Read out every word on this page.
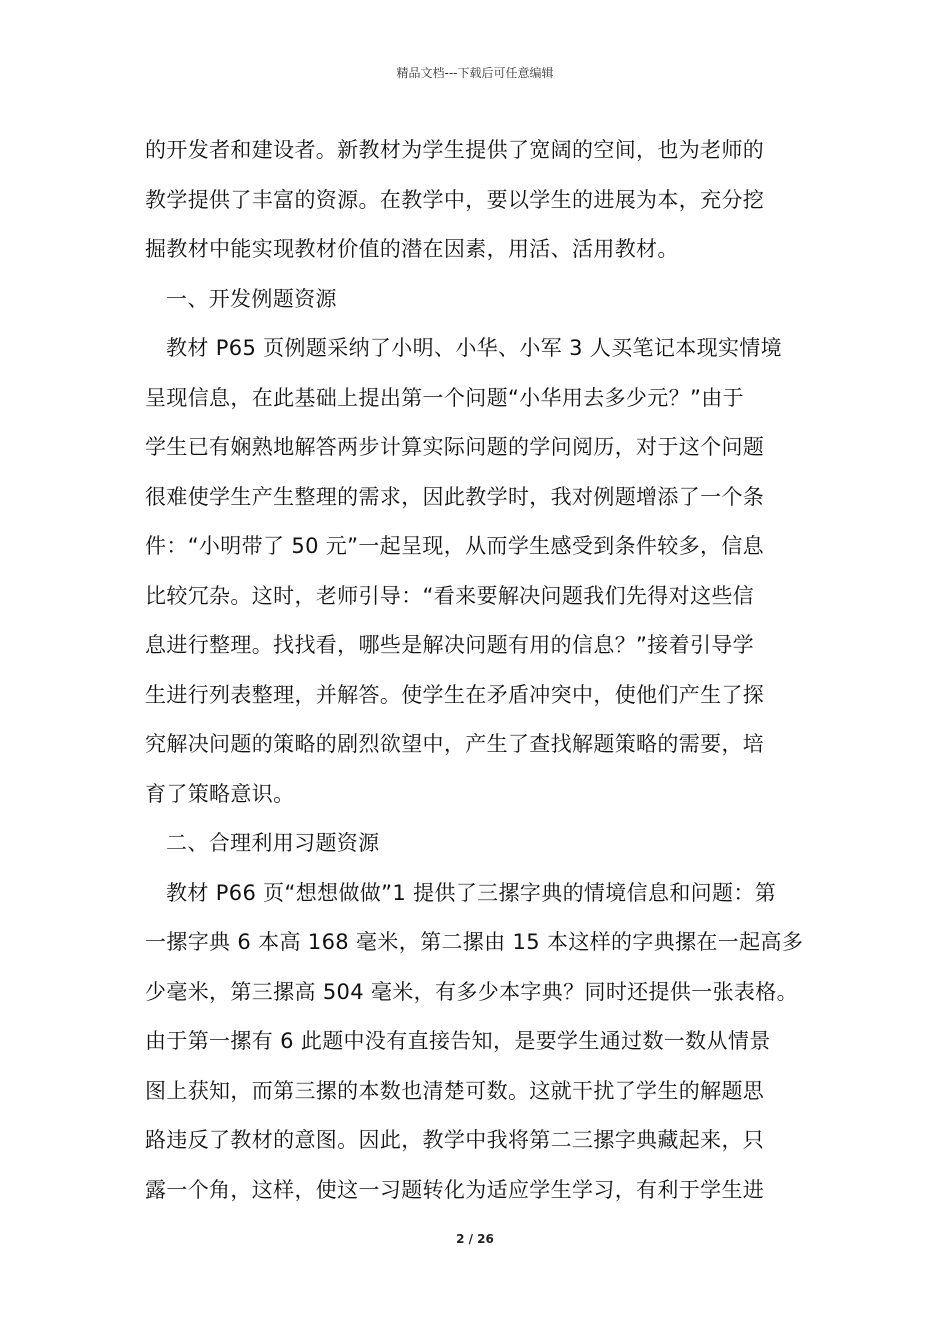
精品文档---下载后可任意编辑
的开发者和建设者。新教材为学生提供了宽阔的空间，也为老师的
教学提供了丰富的资源。在教学中，要以学生的进展为本，充分挖
掘教材中能实现教材价值的潜在因素，用活、活用教材。
一、开发例题资源
教材 P65 页例题采纳了小明、小华、小军 3 人买笔记本现实情境
呈现信息，在此基础上提出第一个问题“小华用去多少元？”由于
学生已有娴熟地解答两步计算实际问题的学问阅历，对于这个问题
很难使学生产生整理的需求，因此教学时，我对例题增添了一个条
件：“小明带了 50 元”一起呈现，从而学生感受到条件较多，信息
比较冗杂。这时，老师引导：“看来要解决问题我们先得对这些信
息进行整理。找找看，哪些是解决问题有用的信息？”接着引导学
生进行列表整理，并解答。使学生在矛盾冲突中，使他们产生了探
究解决问题的策略的剧烈欲望中，产生了查找解题策略的需要，培
育了策略意识。
二、合理利用习题资源
教材 P66 页“想想做做”1 提供了三摞字典的情境信息和问题：第
一摞字典 6 本高 168 毫米，第二摞由 15 本这样的字典摞在一起高多
少毫米，第三摞高 504 毫米，有多少本字典？同时还提供一张表格。
由于第一摞有 6 此题中没有直接告知，是要学生通过数一数从情景
图上获知，而第三摞的本数也清楚可数。这就干扰了学生的解题思
路违反了教材的意图。因此，教学中我将第二三摞字典藏起来，只
露一个角，这样，使这一习题转化为适应学生学习，有利于学生进
2 / 26
